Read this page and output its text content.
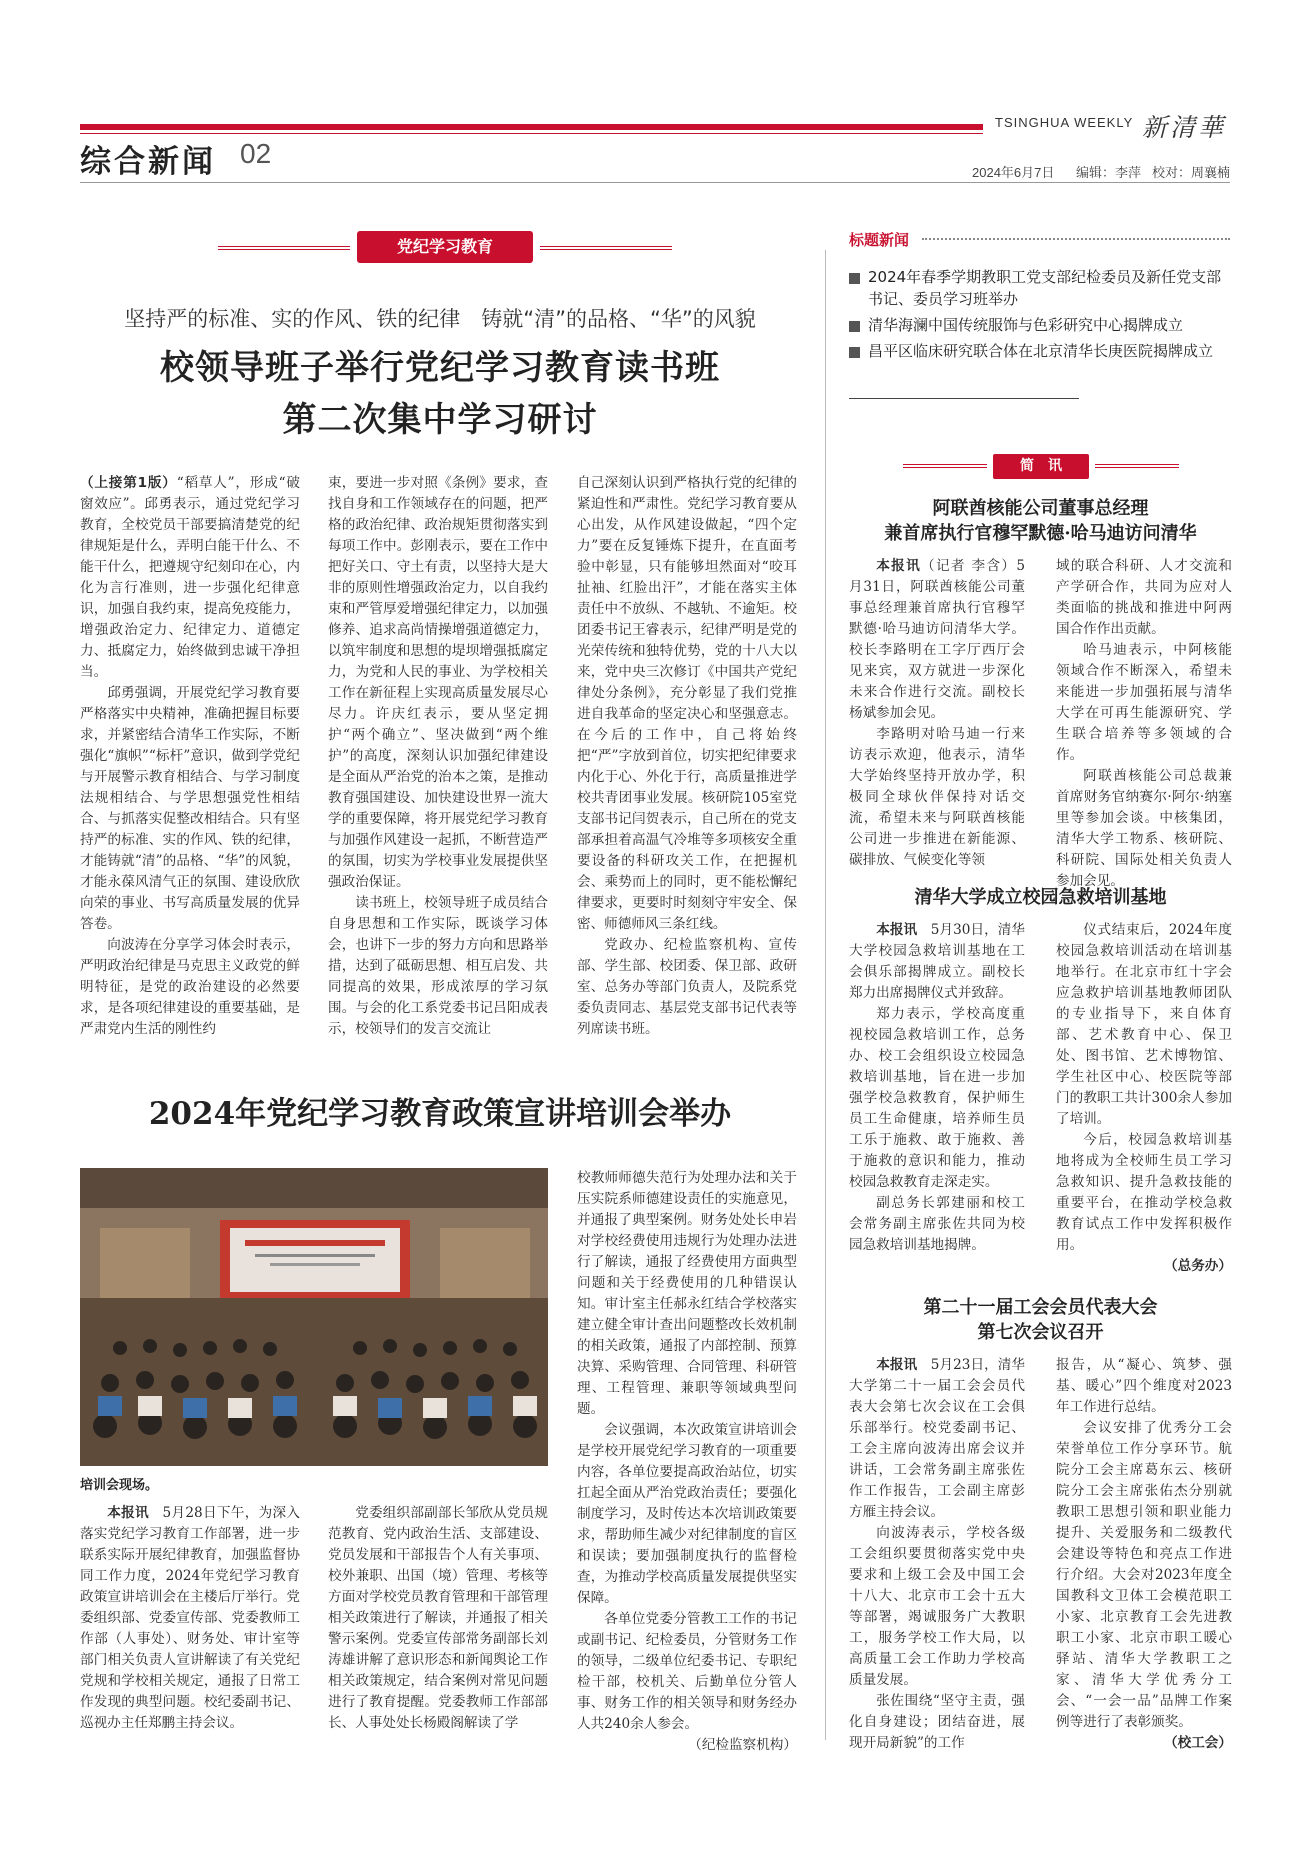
TSINGHUA WEEKLY 新清華
综合新闻 02
2024年6月7日 编辑：李萍 校对：周襄楠
党纪学习教育
坚持严的标准、实的作风、铁的纪律　铸就“清”的品格、“华”的风貌
校领导班子举行党纪学习教育读书班
第二次集中学习研讨

（上接第1版）“稻草人”，形成“破窗效应”。邱勇表示，通过党纪学习教育，全校党员干部要搞清楚党的纪律规矩是什么，弄明白能干什么、不能干什么，把遵规守纪刻印在心，内化为言行准则，进一步强化纪律意识，加强自我约束，提高免疫能力，增强政治定力、纪律定力、道德定力、抵腐定力，始终做到忠诚干净担当。

邱勇强调，开展党纪学习教育要严格落实中央精神，准确把握目标要求，并紧密结合清华工作实际，不断强化“旗帜”“标杆”意识，做到学党纪与开展警示教育相结合、与学习制度法规相结合、与学思想强党性相结合、与抓落实促整改相结合。只有坚持严的标准、实的作风、铁的纪律，才能铸就“清”的品格、“华”的风貌，才能永葆风清气正的氛围、建设欣欣向荣的事业、书写高质量发展的优异答卷。

向波涛在分享学习体会时表示，严明政治纪律是马克思主义政党的鲜明特征，是党的政治建设的必然要求，是各项纪律建设的重要基础，是严肃党内生活的刚性约

束，要进一步对照《条例》要求，查找自身和工作领域存在的问题，把严格的政治纪律、政治规矩贯彻落实到每项工作中。彭刚表示，要在工作中把好关口、守土有责，以坚持大是大非的原则性增强政治定力，以自我约束和严管厚爱增强纪律定力，以加强修养、追求高尚情操增强道德定力，以筑牢制度和思想的堤坝增强抵腐定力，为党和人民的事业、为学校相关工作在新征程上实现高质量发展尽心尽力。许庆红表示，要从坚定拥护“两个确立”、坚决做到“两个维护”的高度，深刻认识加强纪律建设是全面从严治党的治本之策，是推动教育强国建设、加快建设世界一流大学的重要保障，将开展党纪学习教育与加强作风建设一起抓，不断营造严的氛围，切实为学校事业发展提供坚强政治保证。

读书班上，校领导班子成员结合自身思想和工作实际，既谈学习体会，也讲下一步的努力方向和思路举措，达到了砥砺思想、相互启发、共同提高的效果，形成浓厚的学习氛围。与会的化工系党委书记吕阳成表示，校领导们的发言交流让

自己深刻认识到严格执行党的纪律的紧迫性和严肃性。党纪学习教育要从心出发，从作风建设做起，“四个定力”要在反复锤炼下提升，在直面考验中彰显，只有能够坦然面对“咬耳扯袖、红脸出汗”，才能在落实主体责任中不放纵、不越轨、不逾矩。校团委书记王睿表示，纪律严明是党的光荣传统和独特优势，党的十八大以来，党中央三次修订《中国共产党纪律处分条例》，充分彰显了我们党推进自我革命的坚定决心和坚强意志。在今后的工作中，自己将始终把“严”字放到首位，切实把纪律要求内化于心、外化于行，高质量推进学校共青团事业发展。核研院105室党支部书记闫贺表示，自己所在的党支部承担着高温气冷堆等多项核安全重要设备的科研攻关工作，在把握机会、乘势而上的同时，更不能松懈纪律要求，更要时时刻刻守牢安全、保密、师德师风三条红线。

党政办、纪检监察机构、宣传部、学生部、校团委、保卫部、政研室、总务办等部门负责人，及院系党委负责同志、基层党支部书记代表等列席读书班。

2024年党纪学习教育政策宣讲培训会举办
培训会现场。

本报讯  5月28日下午，为深入落实党纪学习教育工作部署，进一步联系实际开展纪律教育，加强监督协同工作力度，2024年党纪学习教育政策宣讲培训会在主楼后厅举行。党委组织部、党委宣传部、党委教师工作部（人事处）、财务处、审计室等部门相关负责人宣讲解读了有关党纪党规和学校相关规定，通报了日常工作发现的典型问题。校纪委副书记、巡视办主任郑鹏主持会议。

党委组织部副部长邹欣从党员规范教育、党内政治生活、支部建设、党员发展和干部报告个人有关事项、校外兼职、出国（境）管理、考核等方面对学校党员教育管理和干部管理相关政策进行了解读，并通报了相关警示案例。党委宣传部常务副部长刘涛雄讲解了意识形态和新闻舆论工作相关政策规定，结合案例对常见问题进行了教育提醒。党委教师工作部部长、人事处处长杨殿阁解读了学

校教师师德失范行为处理办法和关于压实院系师德建设责任的实施意见，并通报了典型案例。财务处处长申岩对学校经费使用违规行为处理办法进行了解读，通报了经费使用方面典型问题和关于经费使用的几种错误认知。审计室主任郝永红结合学校落实建立健全审计查出问题整改长效机制的相关政策，通报了内部控制、预算决算、采购管理、合同管理、科研管理、工程管理、兼职等领域典型问题。

会议强调，本次政策宣讲培训会是学校开展党纪学习教育的一项重要内容，各单位要提高政治站位，切实扛起全面从严治党政治责任；要强化制度学习，及时传达本次培训政策要求，帮助师生减少对纪律制度的盲区和误读；要加强制度执行的监督检查，为推动学校高质量发展提供坚实保障。

各单位党委分管教工工作的书记或副书记、纪检委员，分管财务工作的领导，二级单位纪委书记、专职纪检干部，校机关、后勤单位分管人事、财务工作的相关领导和财务经办人共240余人参会。

（纪检监察机构）
标题新闻
2024年春季学期教职工党支部纪检委员及新任党支部书记、委员学习班举办
清华海澜中国传统服饰与色彩研究中心揭牌成立
昌平区临床研究联合体在北京清华长庚医院揭牌成立
简　讯
阿联酋核能公司董事总经理
兼首席执行官穆罕默德·哈马迪访问清华

本报讯（记者 李含）5月31日，阿联酋核能公司董事总经理兼首席执行官穆罕默德·哈马迪访问清华大学。校长李路明在工字厅西厅会见来宾，双方就进一步深化未来合作进行交流。副校长杨斌参加会见。

李路明对哈马迪一行来访表示欢迎，他表示，清华大学始终坚持开放办学，积极同全球伙伴保持对话交流，希望未来与阿联酋核能公司进一步推进在新能源、碳排放、气候变化等领

域的联合科研、人才交流和产学研合作，共同为应对人类面临的挑战和推进中阿两国合作作出贡献。

哈马迪表示，中阿核能领域合作不断深入，希望未来能进一步加强拓展与清华大学在可再生能源研究、学生联合培养等多领域的合作。

阿联酋核能公司总裁兼首席财务官纳赛尔·阿尔·纳塞里等参加会谈。中核集团，清华大学工物系、核研院、科研院、国际处相关负责人参加会见。

清华大学成立校园急救培训基地

本报讯  5月30日，清华大学校园急救培训基地在工会俱乐部揭牌成立。副校长郑力出席揭牌仪式并致辞。

郑力表示，学校高度重视校园急救培训工作，总务办、校工会组织设立校园急救培训基地，旨在进一步加强学校急救教育，保护师生员工生命健康，培养师生员工乐于施救、敢于施救、善于施救的意识和能力，推动校园急救教育走深走实。

副总务长郭建丽和校工会常务副主席张佐共同为校园急救培训基地揭牌。

仪式结束后，2024年度校园急救培训活动在培训基地举行。在北京市红十字会应急救护培训基地教师团队的专业指导下，来自体育部、艺术教育中心、保卫处、图书馆、艺术博物馆、学生社区中心、校医院等部门的教职工共计300余人参加了培训。

今后，校园急救培训基地将成为全校师生员工学习急救知识、提升急救技能的重要平台，在推动学校急救教育试点工作中发挥积极作用。

（总务办）
第二十一届工会会员代表大会
第七次会议召开

本报讯  5月23日，清华大学第二十一届工会会员代表大会第七次会议在工会俱乐部举行。校党委副书记、工会主席向波涛出席会议并讲话，工会常务副主席张佐作工作报告，工会副主席彭方雁主持会议。

向波涛表示，学校各级工会组织要贯彻落实党中央要求和上级工会及中国工会十八大、北京市工会十五大等部署，竭诚服务广大教职工，服务学校工作大局，以高质量工会工作助力学校高质量发展。

张佐围绕“坚守主责，强化自身建设；团结奋进，展现开局新貌”的工作

报告，从“凝心、筑梦、强基、暖心”四个维度对2023年工作进行总结。

会议安排了优秀分工会荣誉单位工作分享环节。航院分工会主席葛东云、核研院分工会主席张佑杰分别就教职工思想引领和职业能力提升、关爱服务和二级教代会建设等特色和亮点工作进行介绍。大会对2023年度全国教科文卫体工会模范职工小家、北京教育工会先进教职工小家、北京市职工暖心驿站、清华大学教职工之家、清华大学优秀分工会、“一会一品”品牌工作案例等进行了表彰颁奖。

（校工会）
